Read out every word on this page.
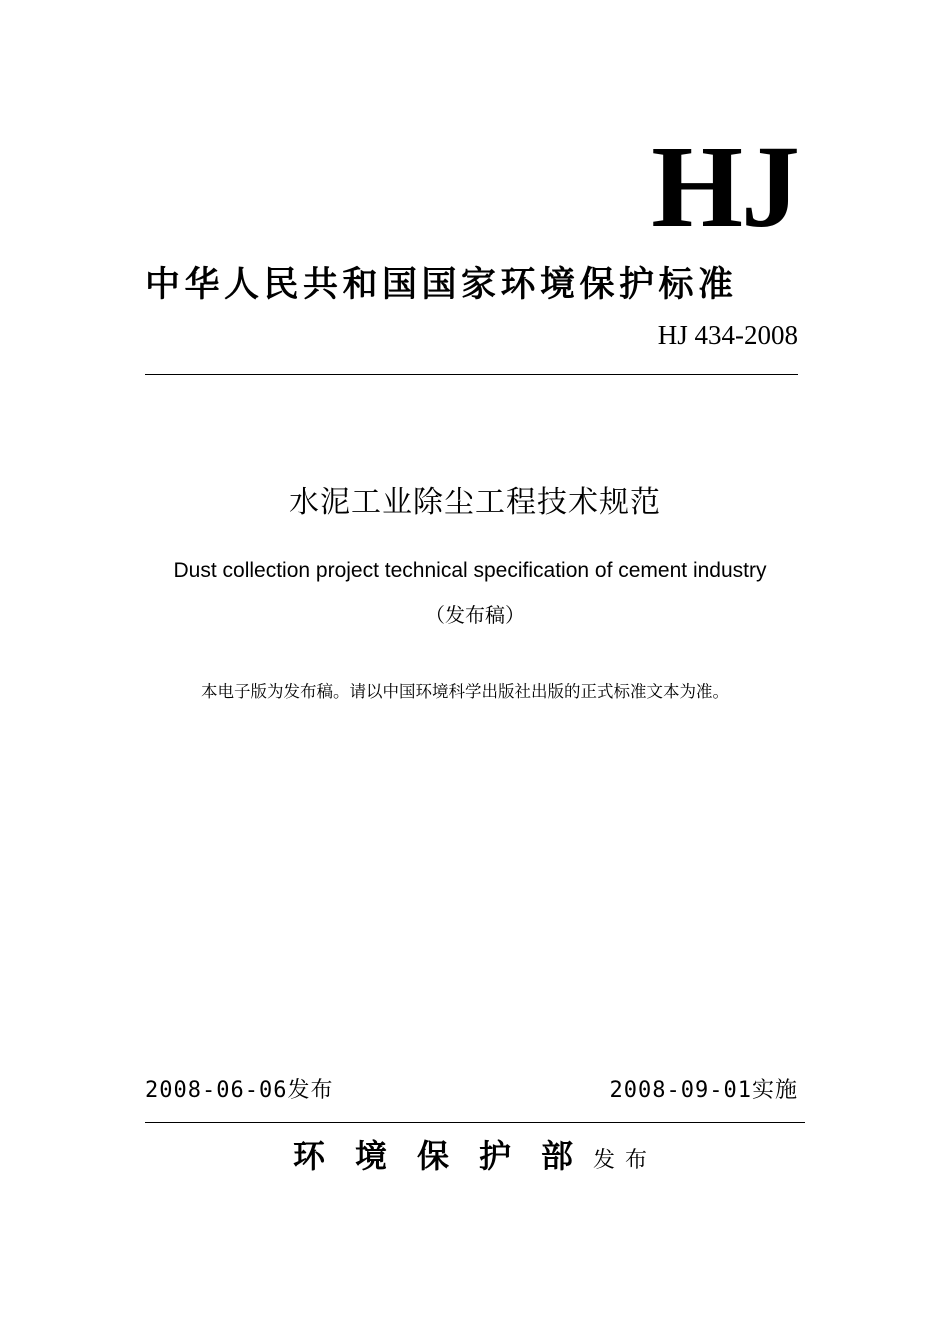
HJ
中华人民共和国国家环境保护标准
HJ 434-2008
水泥工业除尘工程技术规范
Dust collection project technical specification of cement industry
（发布稿）
本电子版为发布稿。请以中国环境科学出版社出版的正式标准文本为准。
2008-06-06发布	2008-09-01实施
环境保护部发布
